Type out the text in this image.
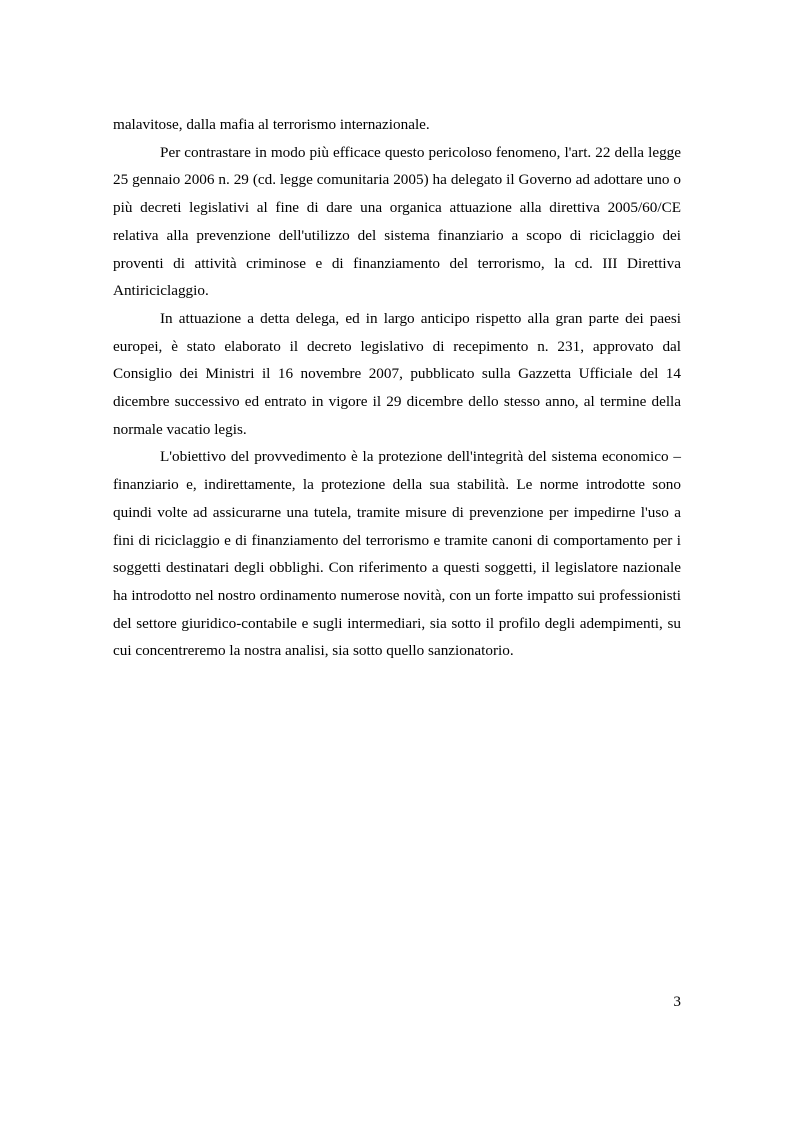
malavitose, dalla mafia al terrorismo internazionale.

Per contrastare in modo più efficace questo pericoloso fenomeno, l'art. 22 della legge 25 gennaio 2006 n. 29 (cd. legge comunitaria 2005) ha delegato il Governo ad adottare uno o più decreti legislativi al fine di dare una organica attuazione alla direttiva 2005/60/CE relativa alla prevenzione dell'utilizzo del sistema finanziario a scopo di riciclaggio dei proventi di attività criminose e di finanziamento del terrorismo, la cd. III Direttiva Antiriciclaggio.

In attuazione a detta delega, ed in largo anticipo rispetto alla gran parte dei paesi europei, è stato elaborato il decreto legislativo di recepimento n. 231, approvato dal Consiglio dei Ministri il 16 novembre 2007, pubblicato sulla Gazzetta Ufficiale del 14 dicembre successivo ed entrato in vigore il 29 dicembre dello stesso anno, al termine della normale vacatio legis.

L'obiettivo del provvedimento è la protezione dell'integrità del sistema economico – finanziario e, indirettamente, la protezione della sua stabilità. Le norme introdotte sono quindi volte ad assicurarne una tutela, tramite misure di prevenzione per impedirne l'uso a fini di riciclaggio e di finanziamento del terrorismo e tramite canoni di comportamento per i soggetti destinatari degli obblighi. Con riferimento a questi soggetti, il legislatore nazionale ha introdotto nel nostro ordinamento numerose novità, con un forte impatto sui professionisti del settore giuridico-contabile e sugli intermediari, sia sotto il profilo degli adempimenti, su cui concentreremo la nostra analisi, sia sotto quello sanzionatorio.

3
